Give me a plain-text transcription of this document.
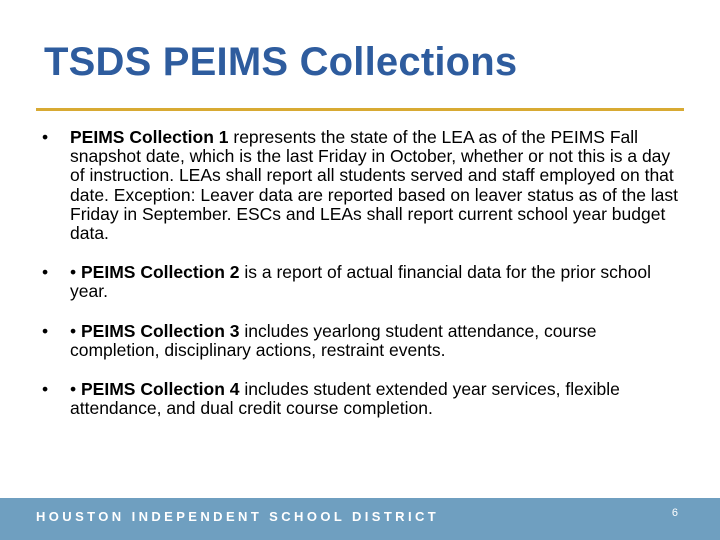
TSDS PEIMS Collections
• PEIMS Collection 1 represents the state of the LEA as of the PEIMS Fall snapshot date, which is the last Friday in October, whether or not this is a day of instruction. LEAs shall report all students served and staff employed on that date. Exception: Leaver data are reported based on leaver status as of the last Friday in September. ESCs and LEAs shall report current school year budget data.
• • PEIMS Collection 2 is a report of actual financial data for the prior school year.
• • PEIMS Collection 3 includes yearlong student attendance, course completion, disciplinary actions, restraint events.
• • PEIMS Collection 4 includes student extended year services, flexible attendance, and dual credit course completion.
HOUSTON INDEPENDENT SCHOOL DISTRICT	6
